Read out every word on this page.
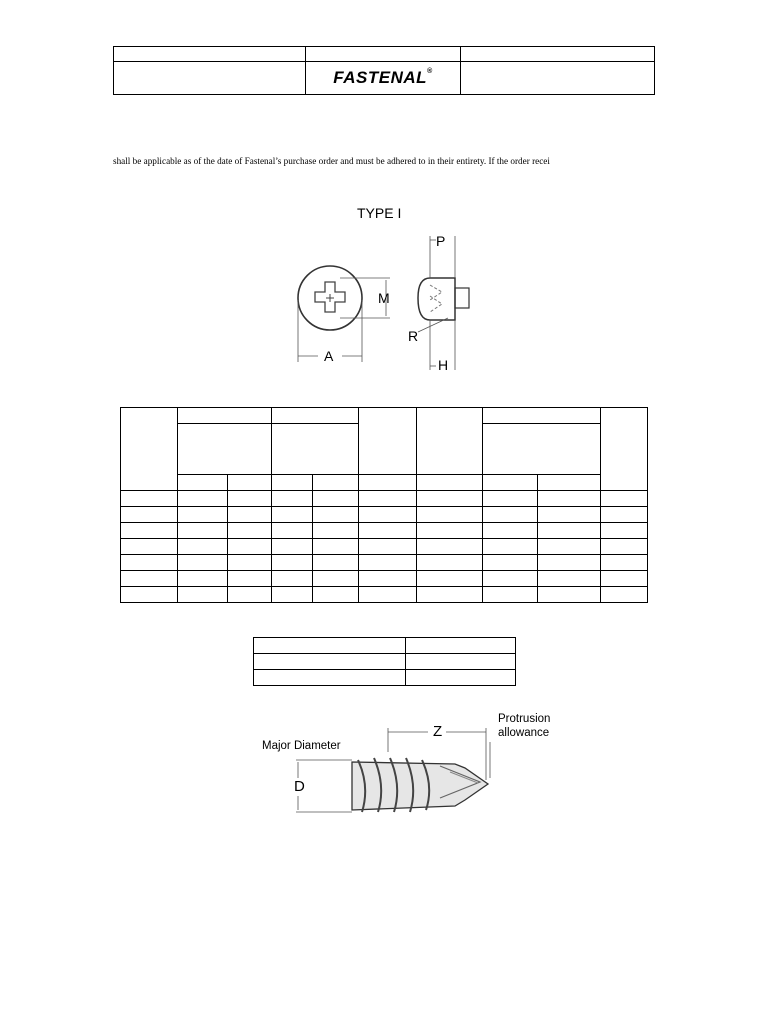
	FASTENAL®

shall be applicable as of the date of Fastenal’s purchase order and must be adhered to in their entirety. If the order recei
TYPE I
P
M
R
A
H

Major Diameter
D
Z
Protrusion
allowance
